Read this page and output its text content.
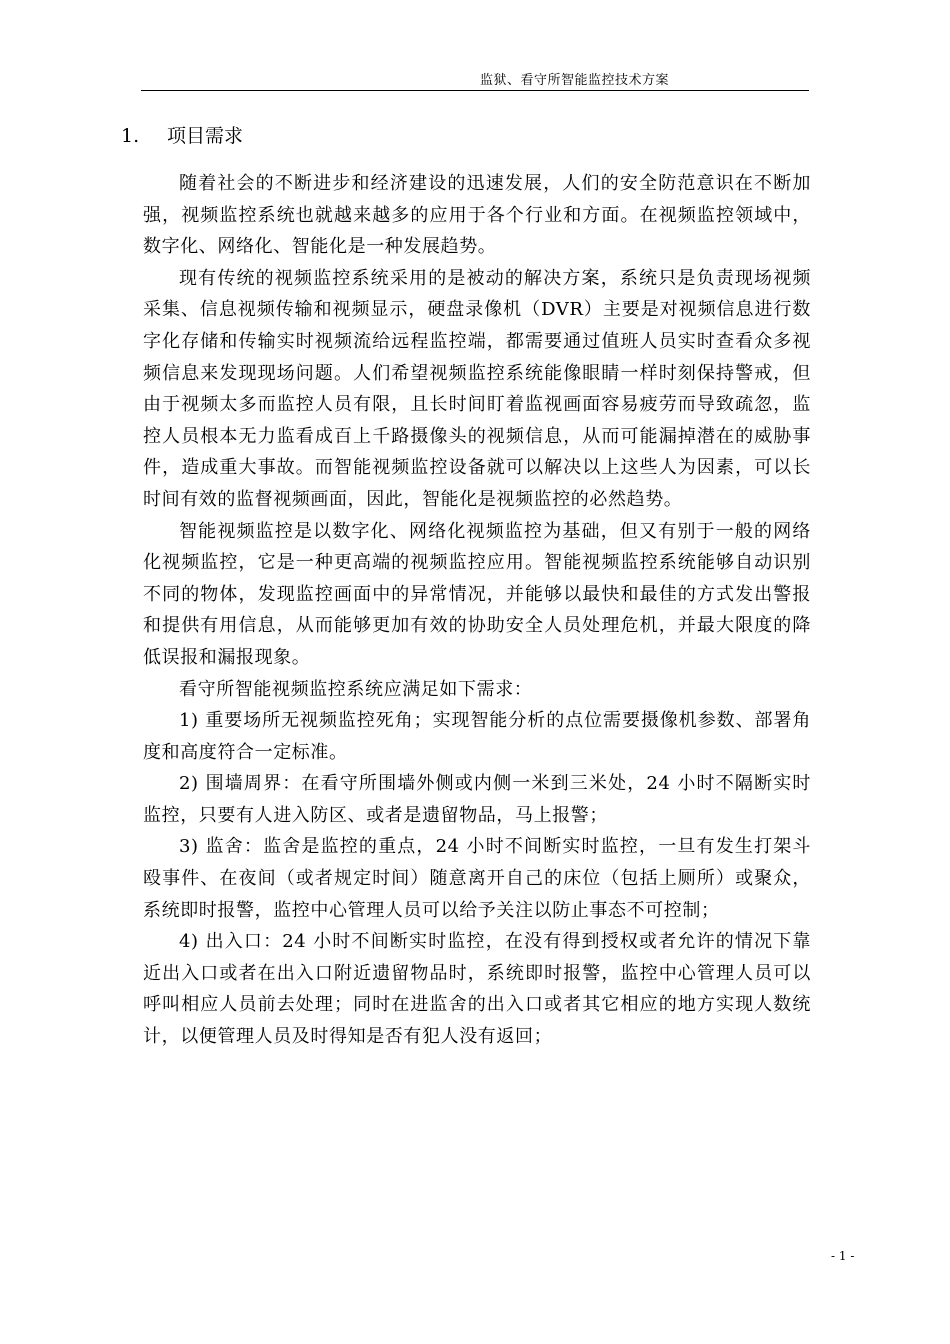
监狱、看守所智能监控技术方案
1. 项目需求

随着社会的不断进步和经济建设的迅速发展，人们的安全防范意识在不断加强，视频监控系统也就越来越多的应用于各个行业和方面。在视频监控领域中，数字化、网络化、智能化是一种发展趋势。

现有传统的视频监控系统采用的是被动的解决方案，系统只是负责现场视频采集、信息视频传输和视频显示，硬盘录像机（DVR）主要是对视频信息进行数字化存储和传输实时视频流给远程监控端，都需要通过值班人员实时查看众多视频信息来发现现场问题。人们希望视频监控系统能像眼睛一样时刻保持警戒，但由于视频太多而监控人员有限，且长时间盯着监视画面容易疲劳而导致疏忽，监控人员根本无力监看成百上千路摄像头的视频信息，从而可能漏掉潜在的威胁事件，造成重大事故。而智能视频监控设备就可以解决以上这些人为因素，可以长时间有效的监督视频画面，因此，智能化是视频监控的必然趋势。

智能视频监控是以数字化、网络化视频监控为基础，但又有别于一般的网络化视频监控，它是一种更高端的视频监控应用。智能视频监控系统能够自动识别不同的物体，发现监控画面中的异常情况，并能够以最快和最佳的方式发出警报和提供有用信息，从而能够更加有效的协助安全人员处理危机，并最大限度的降低误报和漏报现象。

看守所智能视频监控系统应满足如下需求：

1) 重要场所无视频监控死角；实现智能分析的点位需要摄像机参数、部署角度和高度符合一定标准。

2) 围墙周界：在看守所围墙外侧或内侧一米到三米处，24 小时不隔断实时监控，只要有人进入防区、或者是遗留物品，马上报警；

3) 监舍：监舍是监控的重点，24 小时不间断实时监控，一旦有发生打架斗殴事件、在夜间（或者规定时间）随意离开自己的床位（包括上厕所）或聚众，系统即时报警，监控中心管理人员可以给予关注以防止事态不可控制；

4) 出入口：24 小时不间断实时监控，在没有得到授权或者允许的情况下靠近出入口或者在出入口附近遗留物品时，系统即时报警，监控中心管理人员可以呼叫相应人员前去处理；同时在进监舍的出入口或者其它相应的地方实现人数统计，以便管理人员及时得知是否有犯人没有返回；

- 1 -
